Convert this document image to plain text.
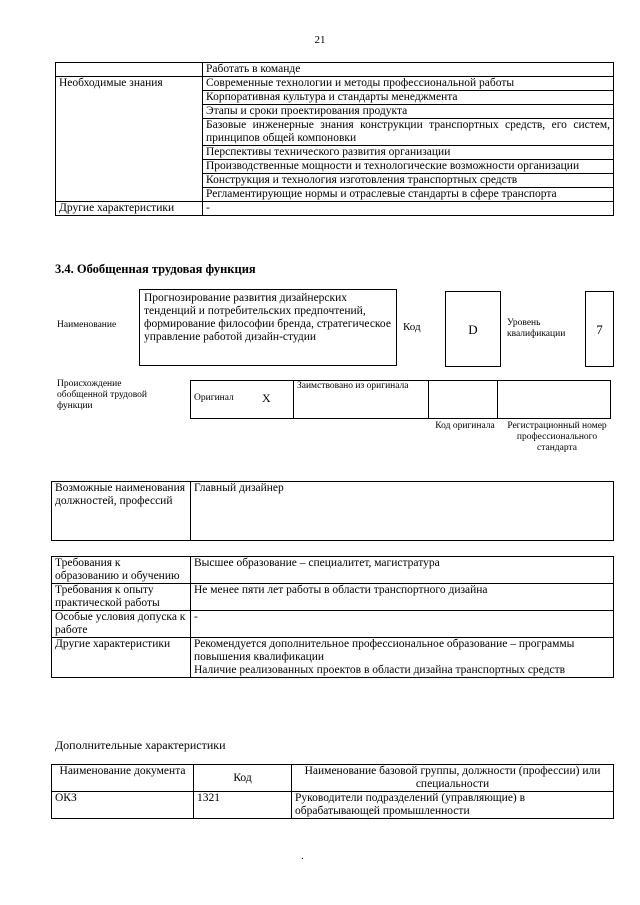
21
	Работать в команде
Необходимые знания	Современные технологии и методы профессиональной работы
	Корпоративная культура и стандарты менеджмента
	Этапы и сроки проектирования продукта
	Базовые инженерные знания конструкции транспортных средств, его систем, принципов общей компоновки
	Перспективы технического развития организации
	Производственные мощности и технологические возможности организации
	Конструкция и технология изготовления транспортных средств
	Регламентирующие нормы и отраслевые стандарты в сфере транспорта
Другие характеристики	-
3.4. Обобщенная трудовая функция
Наименование
Прогнозирование развития дизайнерских тенденций и потребительских предпочтений, формирование философии бренда, стратегическое управление работой дизайн-студии
Код	D	Уровень квалификации	7
Происхождение обобщенной трудовой функции
Оригинал	X	Заимствовано из оригинала		
Код оригинала	Регистрационный номер профессионального стандарта
Возможные наименования должностей, профессий	Главный дизайнер
Требования к образованию и обучению	Высшее образование – специалитет, магистратура
Требования к опыту практической работы	Не менее пяти лет работы в области транспортного дизайна
Особые условия допуска к работе	-
Другие характеристики	Рекомендуется дополнительное профессиональное образование – программы повышения квалификации
Наличие реализованных проектов в области дизайна транспортных средств
Дополнительные характеристики
Наименование документа	Код	Наименование базовой группы, должности (профессии) или специальности
ОКЗ	1321	Руководители подразделений (управляющие) в обрабатывающей промышленности
.
